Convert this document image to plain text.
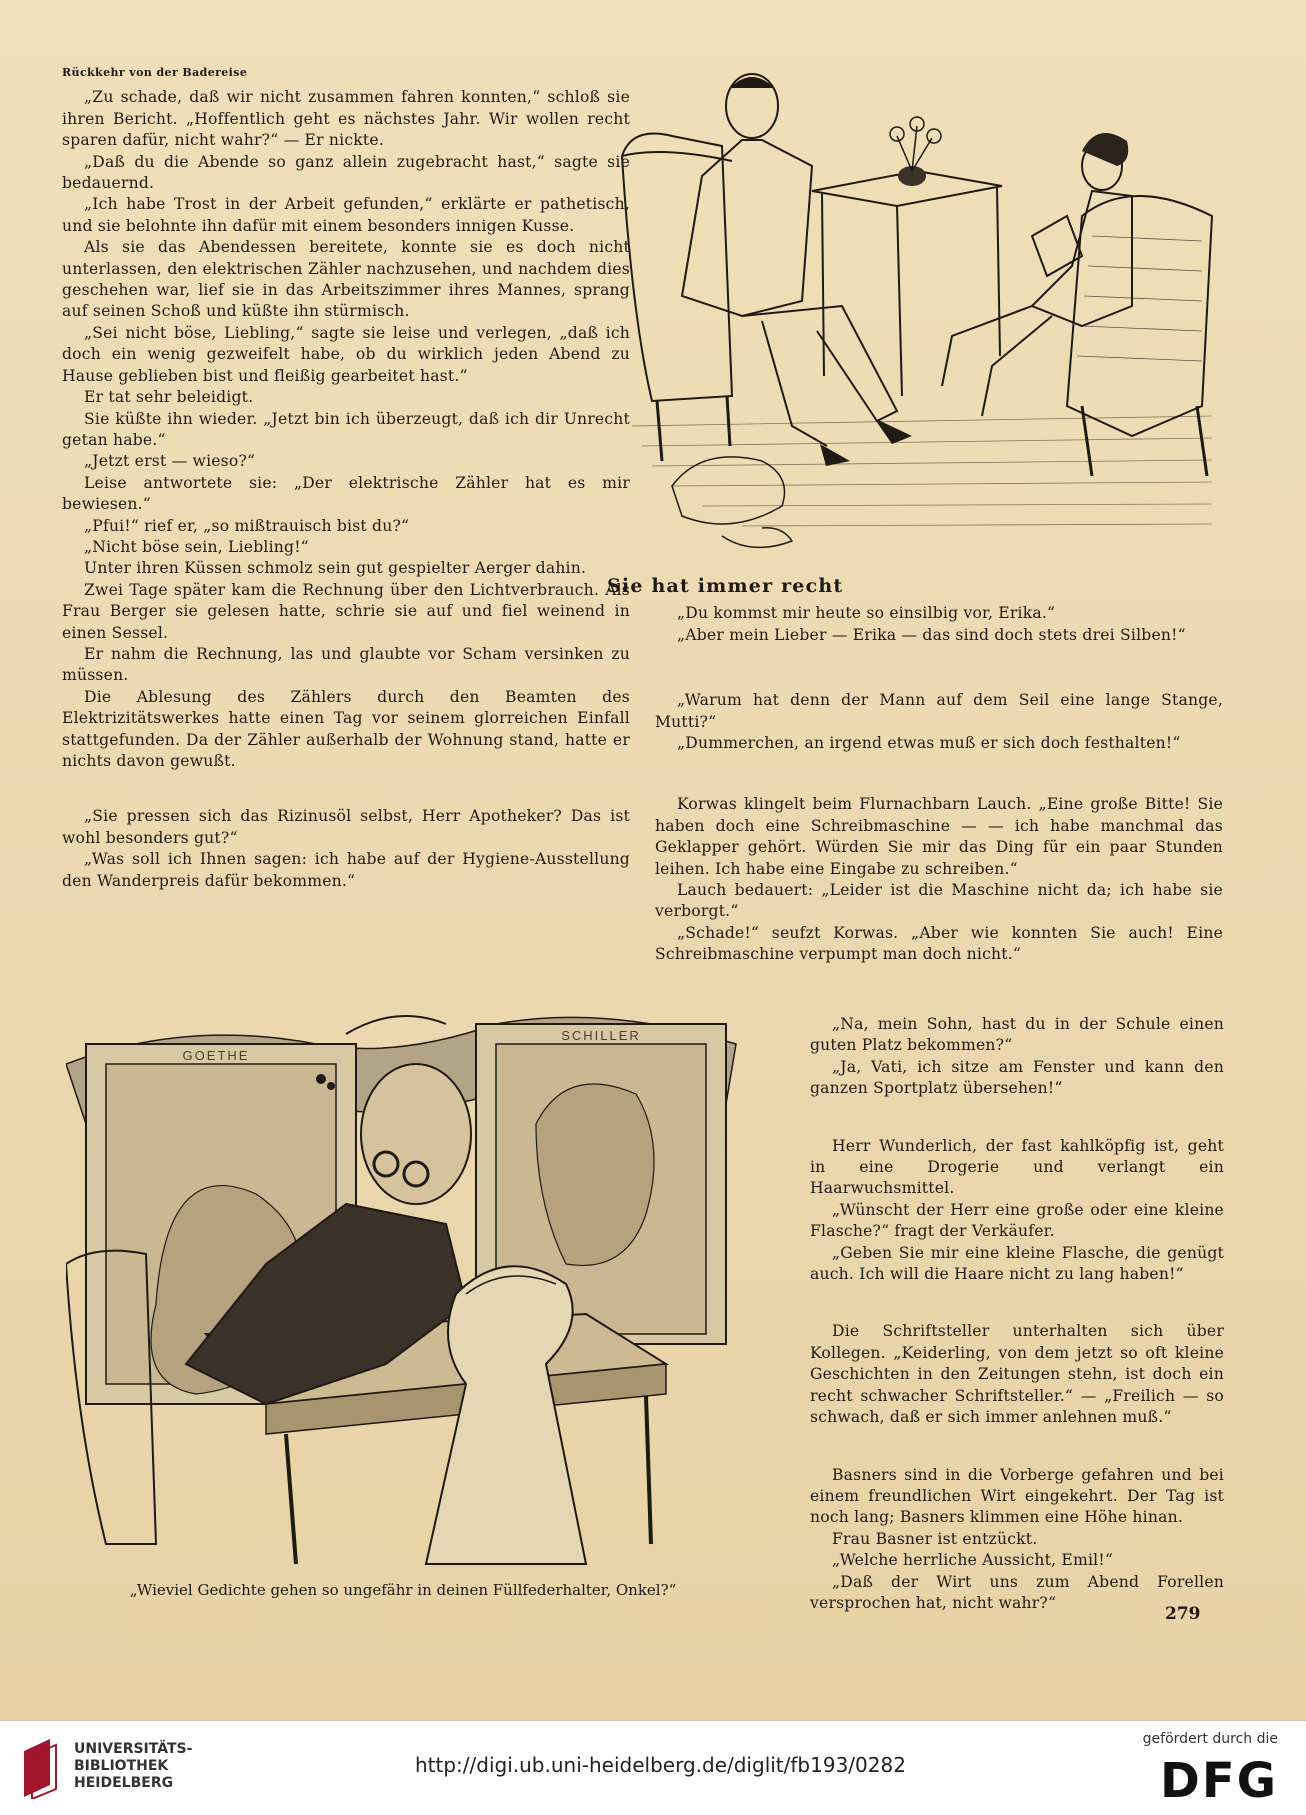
Rückkehr von der Badereise

„Zu schade, daß wir nicht zusammen fahren konnten,“ schloß sie ihren Bericht. „Hoffentlich geht es nächstes Jahr. Wir wollen recht sparen dafür, nicht wahr?“ — Er nickte.

„Daß du die Abende so ganz allein zugebracht hast,“ sagte sie bedauernd.

„Ich habe Trost in der Arbeit gefunden,“ erklärte er pathetisch, und sie belohnte ihn dafür mit einem besonders innigen Kusse.

Als sie das Abendessen bereitete, konnte sie es doch nicht unterlassen, den elektrischen Zähler nachzusehen, und nachdem dies geschehen war, lief sie in das Arbeitszimmer ihres Mannes, sprang auf seinen Schoß und küßte ihn stürmisch.

„Sei nicht böse, Liebling,“ sagte sie leise und verlegen, „daß ich doch ein wenig gezweifelt habe, ob du wirklich jeden Abend zu Hause geblieben bist und fleißig gearbeitet hast.“

Er tat sehr beleidigt.

Sie küßte ihn wieder. „Jetzt bin ich überzeugt, daß ich dir Unrecht getan habe.“

„Jetzt erst — wieso?“

Leise antwortete sie: „Der elektrische Zähler hat es mir bewiesen.“

„Pfui!“ rief er, „so mißtrauisch bist du?“

„Nicht böse sein, Liebling!“

Unter ihren Küssen schmolz sein gut gespielter Aerger dahin.

Zwei Tage später kam die Rechnung über den Lichtverbrauch. Als Frau Berger sie gelesen hatte, schrie sie auf und fiel weinend in einen Sessel.

Er nahm die Rechnung, las und glaubte vor Scham versinken zu müssen.

Die Ablesung des Zählers durch den Beamten des Elektrizitätswerkes hatte einen Tag vor seinem glorreichen Einfall stattgefunden. Da der Zähler außerhalb der Wohnung stand, hatte er nichts davon gewußt.

„Sie pressen sich das Rizinusöl selbst, Herr Apotheker? Das ist wohl besonders gut?“

„Was soll ich Ihnen sagen: ich habe auf der Hygiene-Ausstellung den Wanderpreis dafür bekommen.“

Sie hat immer recht

„Du kommst mir heute so einsilbig vor, Erika.“

„Aber mein Lieber — Erika — das sind doch stets drei Silben!“

„Warum hat denn der Mann auf dem Seil eine lange Stange, Mutti?“

„Dummerchen, an irgend etwas muß er sich doch festhalten!“

Korwas klingelt beim Flurnachbarn Lauch. „Eine große Bitte! Sie haben doch eine Schreibmaschine — — ich habe manchmal das Geklapper gehört. Würden Sie mir das Ding für ein paar Stunden leihen. Ich habe eine Eingabe zu schreiben.“

Lauch bedauert: „Leider ist die Maschine nicht da; ich habe sie verborgt.“

„Schade!“ seufzt Korwas. „Aber wie konnten Sie auch! Eine Schreibmaschine verpumpt man doch nicht.“

GOETHE
SCHILLER
„Wieviel Gedichte gehen so ungefähr in deinen Füllfederhalter, Onkel?“

„Na, mein Sohn, hast du in der Schule einen guten Platz bekommen?“

„Ja, Vati, ich sitze am Fenster und kann den ganzen Sportplatz übersehen!“

Herr Wunderlich, der fast kahlköpfig ist, geht in eine Drogerie und verlangt ein Haarwuchsmittel.

„Wünscht der Herr eine große oder eine kleine Flasche?“ fragt der Verkäufer.

„Geben Sie mir eine kleine Flasche, die genügt auch. Ich will die Haare nicht zu lang haben!“

Die Schriftsteller unterhalten sich über Kollegen. „Keiderling, von dem jetzt so oft kleine Geschichten in den Zeitungen stehn, ist doch ein recht schwacher Schriftsteller.“ — „Freilich — so schwach, daß er sich immer anlehnen muß.“

Basners sind in die Vorberge gefahren und bei einem freundlichen Wirt eingekehrt. Der Tag ist noch lang; Basners klimmen eine Höhe hinan.

Frau Basner ist entzückt.

„Welche herrliche Aussicht, Emil!“

„Daß der Wirt uns zum Abend Forellen versprochen hat, nicht wahr?“

279
UNIVERSITÄTS-
BIBLIOTHEK
HEIDELBERG
http://digi.ub.uni-heidelberg.de/diglit/fb193/0282
gefördert durch die
DFG
